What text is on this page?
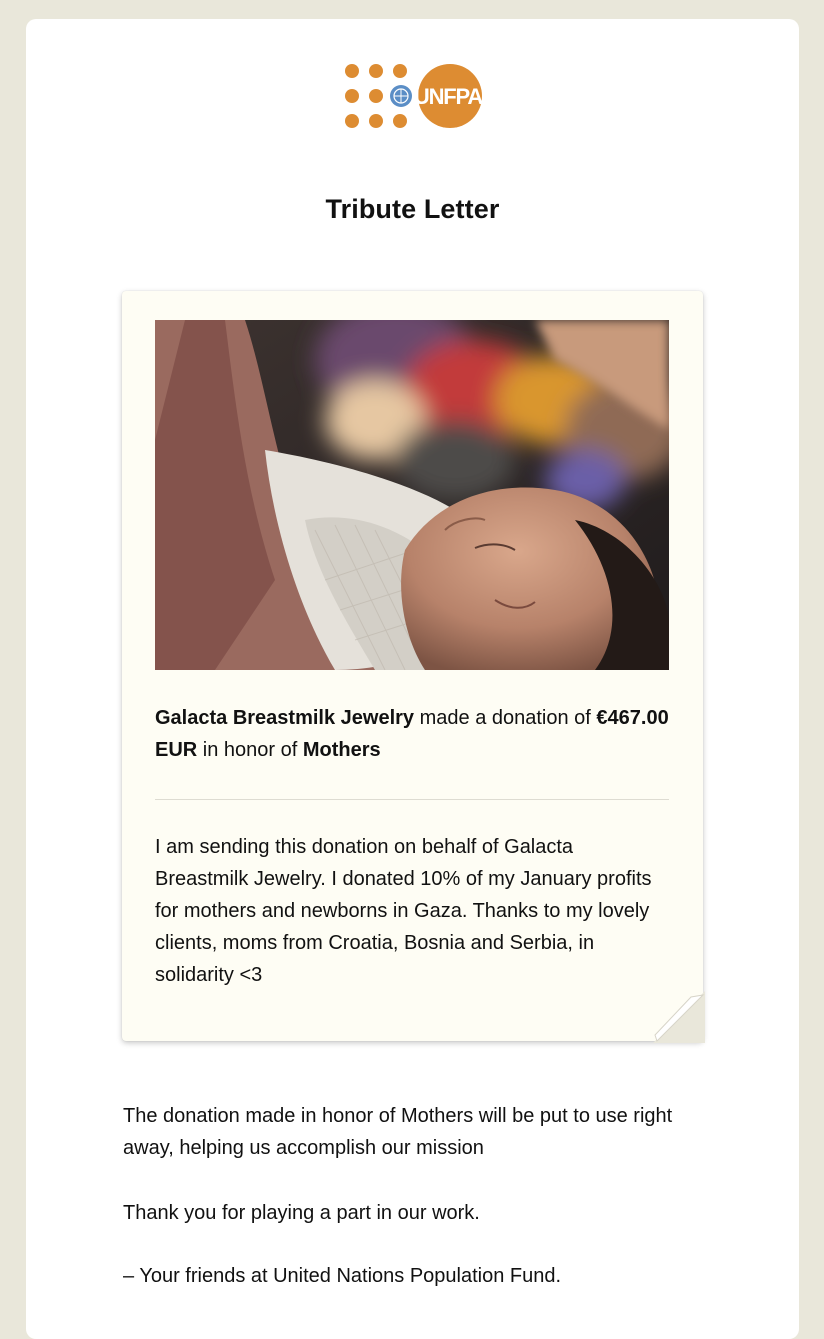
UNFPA
Tribute Letter

Galacta Breastmilk Jewelry made a donation of €467.00 EUR in honor of Mothers

I am sending this donation on behalf of Galacta Breastmilk Jewelry. I donated 10% of my January profits for mothers and newborns in Gaza. Thanks to my lovely clients, moms from Croatia, Bosnia and Serbia, in solidarity <3

The donation made in honor of Mothers will be put to use right away, helping us accomplish our mission

Thank you for playing a part in our work.

– Your friends at United Nations Population Fund.
